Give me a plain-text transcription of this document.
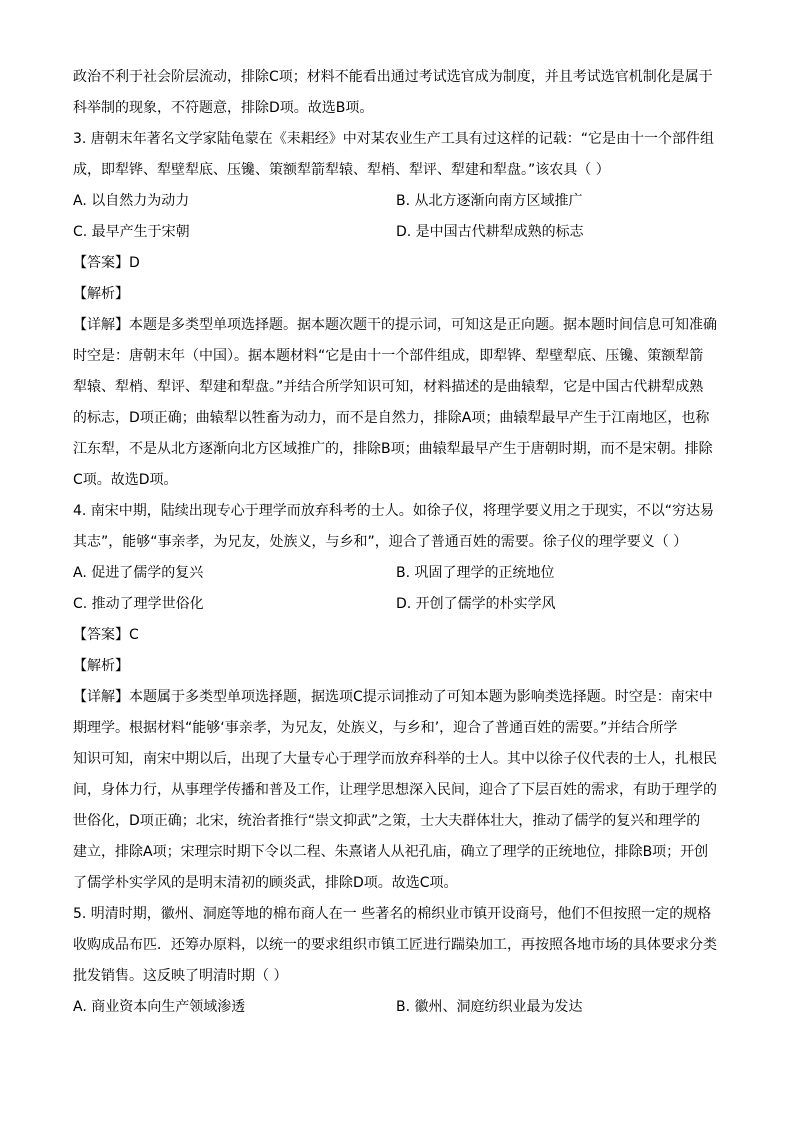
政治不利于社会阶层流动，排除C项；材料不能看出通过考试选官成为制度，并且考试选官机制化是属于
科举制的现象，不符题意，排除D项。故选B项。
3. 唐朝末年著名文学家陆龟蒙在《耒耜经》中对某农业生产工具有过这样的记载：“它是由十一个部件组
成，即犁铧、犁壁犁底、压镵、策额犁箭犁辕、犁梢、犁评、犁建和犁盘。”该农具（ ）
A. 以自然力为动力	B. 从北方逐渐向南方区域推广
C. 最早产生于宋朝	D. 是中国古代耕犁成熟的标志
【答案】D
【解析】
【详解】本题是多类型单项选择题。据本题次题干的提示词，可知这是正向题。据本题时间信息可知准确
时空是：唐朝末年（中国）。据本题材料“它是由十一个部件组成，即犁铧、犁壁犁底、压镵、策额犁箭
犁辕、犁梢、犁评、犁建和犁盘。”并结合所学知识可知，材料描述的是曲辕犁，它是中国古代耕犁成熟
的标志，D项正确；曲辕犁以牲畜为动力，而不是自然力，排除A项；曲辕犁最早产生于江南地区，也称
江东犁，不是从北方逐渐向北方区域推广的，排除B项；曲辕犁最早产生于唐朝时期，而不是宋朝。排除
C项。故选D项。
4. 南宋中期，陆续出现专心于理学而放弃科考的士人。如徐子仪，将理学要义用之于现实，不以“穷达易
其志”，能够“事亲孝，为兄友，处族义，与乡和”，迎合了普通百姓的需要。徐子仪的理学要义（ ）
A. 促进了儒学的复兴	B. 巩固了理学的正统地位
C. 推动了理学世俗化	D. 开创了儒学的朴实学风
【答案】C
【解析】
【详解】本题属于多类型单项选择题，据选项C提示词推动了可知本题为影响类选择题。时空是：南宋中
期理学。根据材料“能够‘事亲孝，为兄友，处族义，与乡和’，迎合了普通百姓的需要。”并结合所学
知识可知，南宋中期以后，出现了大量专心于理学而放弃科举的士人。其中以徐子仪代表的士人，扎根民
间，身体力行，从事理学传播和普及工作，让理学思想深入民间，迎合了下层百姓的需求，有助于理学的
世俗化，D项正确；北宋，统治者推行“崇文抑武”之策，士大夫群体壮大，推动了儒学的复兴和理学的
建立，排除A项；宋理宗时期下令以二程、朱熹诸人从祀孔庙，确立了理学的正统地位，排除B项；开创
了儒学朴实学风的是明末清初的顾炎武，排除D项。故选C项。
5. 明清时期，徽州、洞庭等地的棉布商人在一 些著名的棉织业市镇开设商号，他们不但按照一定的规格
收购成品布匹．还筹办原料，以统一的要求组织市镇工匠进行踹染加工，再按照各地市场的具体要求分类
批发销售。这反映了明清时期（ ）
A. 商业资本向生产领域渗透	B. 徽州、洞庭纺织业最为发达
